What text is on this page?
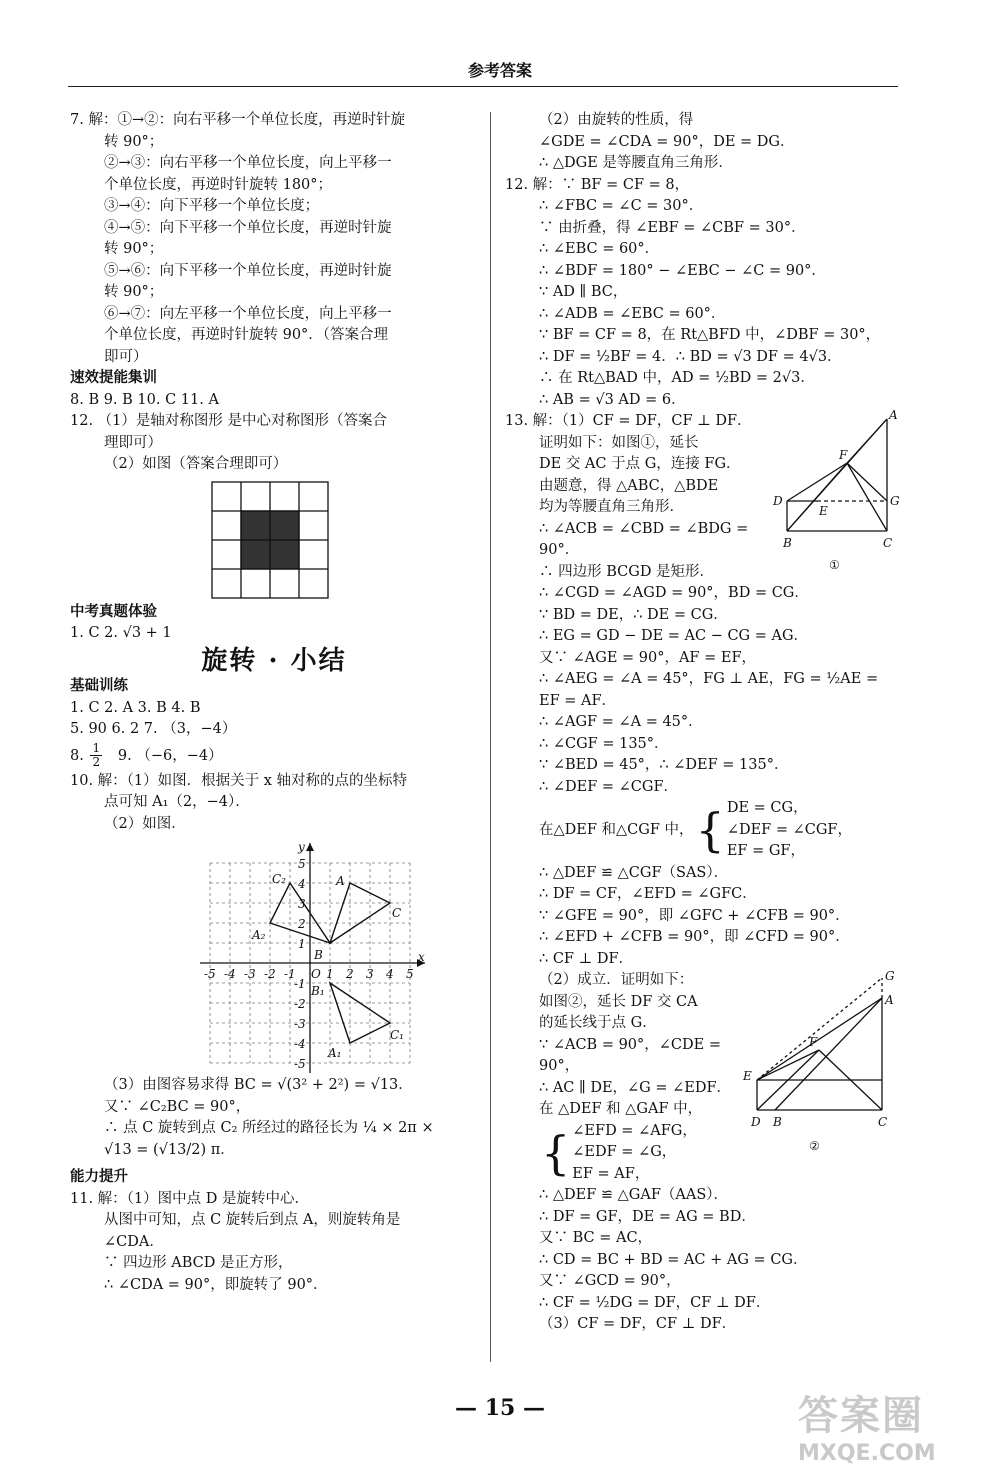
参考答案
7. 解：①→②：向右平移一个单位长度，再逆时针旋
转 90°；
②→③：向右平移一个单位长度，向上平移一
个单位长度，再逆时针旋转 180°；
③→④：向下平移一个单位长度；
④→⑤：向下平移一个单位长度，再逆时针旋
转 90°；
⑤→⑥：向下平移一个单位长度，再逆时针旋
转 90°；
⑥→⑦：向左平移一个单位长度，向上平移一
个单位长度，再逆时针旋转 90°．（答案合理
即可）
速效提能集训
8. B 9. B 10. C 11. A
12. （1）是轴对称图形 是中心对称图形（答案合
理即可）
（2）如图（答案合理即可）
中考真题体验
1. C 2. √3 + 1
旋转 · 小结
基础训练
1. C 2. A 3. B 4. B
5. 90 6. 2 7. （3，−4）
8. $\frac{1}{2} 9$. （−6，−4）
10. 解：（1）如图．根据关于 x 轴对称的点的坐标特
点可知 A₁（2，−4）．
（2）如图．
x
y
-5 -4 -3 -2 -1 O 1 2 3 4 5
5
4
3
2
1
-1
-2
-3
-4
-5
C₂	A
A₂
B
C
B₁
C₁
A₁
（3）由图容易求得 BC = √(3² + 2²) = √13．
又∵ ∠C₂BC = 90°，
∴ 点 C 旋转到点 C₂ 所经过的路径长为 ¼ × 2π ×
√13 = (√13/2) π．
能力提升
11. 解：（1）图中点 D 是旋转中心．
从图中可知，点 C 旋转后到点 A，则旋转角是
∠CDA．
∵ 四边形 ABCD 是正方形，
∴ ∠CDA = 90°，即旋转了 90°．
（2）由旋转的性质，得
∠GDE = ∠CDA = 90°，DE = DG．
∴ △DGE 是等腰直角三角形．
12. 解：∵ BF = CF = 8，
∴ ∠FBC = ∠C = 30°．
∵ 由折叠，得 ∠EBF = ∠CBF = 30°．
∴ ∠EBC = 60°．
∴ ∠BDF = 180° − ∠EBC − ∠C = 90°．
∵ AD ∥ BC，
∴ ∠ADB = ∠EBC = 60°．
∵ BF = CF = 8，在 Rt△BFD 中，∠DBF = 30°，
∴ DF = ½BF = 4．∴ BD = √3 DF = 4√3．
∴ 在 Rt△BAD 中，AD = ½BD = 2√3．
∴ AB = √3 AD = 6．
13. 解：（1）CF = DF，CF ⊥ DF．
证明如下：如图①，延长
DE 交 AC 于点 G，连接 FG．
由题意，得 △ABC，△BDE
均为等腰直角三角形．
∴ ∠ACB = ∠CBD = ∠BDG =
90°．
A
F
D
E
G
B	C
①
∴ 四边形 BCGD 是矩形．
∴ ∠CGD = ∠AGD = 90°，BD = CG．
∵ BD = DE，∴ DE = CG．
∴ EG = GD − DE = AC − CG = AG．
又∵ ∠AGE = 90°，AF = EF，
∴ ∠AEG = ∠A = 45°，FG ⊥ AE，FG = ½AE =
EF = AF．
∴ ∠AGF = ∠A = 45°．
∴ ∠CGF = 135°．
∵ ∠BED = 45°，∴ ∠DEF = 135°．
∴ ∠DEF = ∠CGF．
在△DEF 和△CGF 中， { DE = CG，
∠DEF = ∠CGF，
EF = GF，
∴ △DEF ≌ △CGF（SAS）．
∴ DF = CF，∠EFD = ∠GFC．
∵ ∠GFE = 90°，即 ∠GFC + ∠CFB = 90°．
∴ ∠EFD + ∠CFB = 90°，即 ∠CFD = 90°．
∴ CF ⊥ DF．
（2）成立．证明如下：
如图②，延长 DF 交 CA
的延长线于点 G．
∵ ∠ACB = 90°，∠CDE =
90°，
∴ AC ∥ DE，∠G = ∠EDF．
在 △DEF 和 △GAF 中，
G
A
F
E
D B	C
②
{ ∠EFD = ∠AFG，
∠EDF = ∠G，
EF = AF，
∴ △DEF ≌ △GAF（AAS）．
∴ DF = GF，DE = AG = BD．
又∵ BC = AC，
∴ CD = BC + BD = AC + AG = CG．
又∵ ∠GCD = 90°，
∴ CF = ½DG = DF，CF ⊥ DF．
（3）CF = DF，CF ⊥ DF．
— 15 —	答案圈
MXQE.COM
